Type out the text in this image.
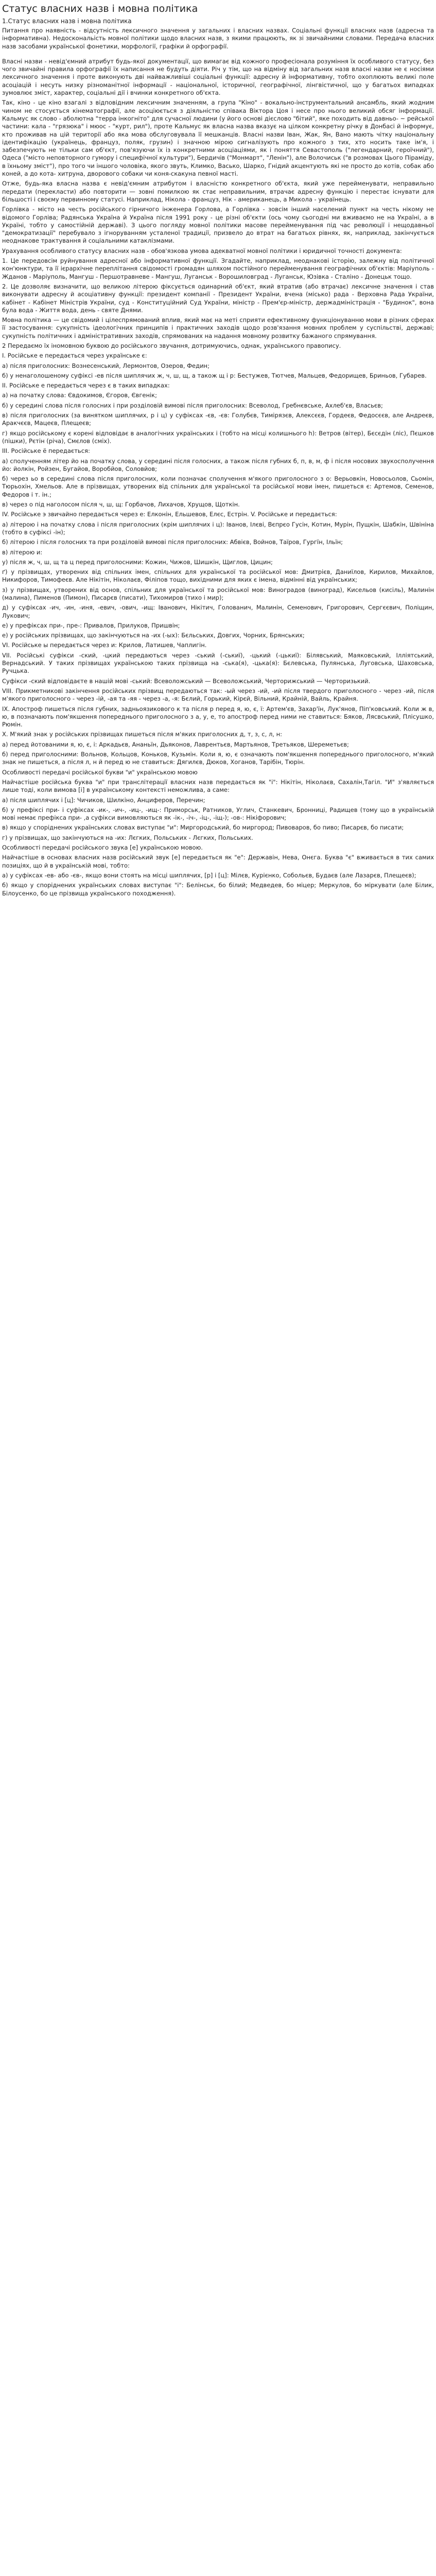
Статус власних назв і мовна політика
1.Статус власних назв і мовна політика

Питання про наявність - відсутність лексичного значення у загальних і власних назвах. Соціальні функції власних назв (адресна та інформативна). Недоскональість мовної політики щодо власних назв, з якими працюють, як зі звичайними словами. Передача власних назв засобами української фонетики, морфології, графіки й орфографії.

Власні назви - невід'ємний атрибут будь-якої документації, що вимагає від кожного професіонала розуміння їх особливого статусу, без чого звичайні правила орфографії їх написання не будуть діяти. Річ у тім, що на відміну від загальних назв власні назви не є носіями лексичного значення і проте виконують дві найважливіші соціальні функції: адресну й інформативну, тобто охоплюють великі поле асоціацій і несуть низку різноманітної інформації - національної, історичної, географічної, лінгвістичної, що у багатьох випадках зумовлює зміст, характер, соціальні дії і вчинки конкретного об'єкта.

Так, кіно - це кіно взагалі з відповідним лексичним значенням, а група "Кіно" - вокально-інструментальний ансамбль, який жодним чином не стосується кінематографії, але асоціюється з діяльністю співака Віктора Цоя і несе про нього великий обсяг інформації. Кальмус як слово - аболютна "терра інкогніто" для сучасної людини (у його основі дієслово "бітий", яке походить від давньо- ~ рейської частини: кала - "грязюка" і мюос - "курт, рил"), проте Кальмус як власна назва вказує на цілком конкретну річку в Донбасі й інформує, кто проживав на цій території або яка мова обслуговувала її мешканців. Власні назви Іван, Жак, Ян, Вано мають чітку національну ідентифікацію (українець, француз, поляк, грузин) і значною мірою сигналізують про кожного з тих, хто носить таке ім'я, і забезпечують не тільки сам об'єкт, пов'язуючи їх із конкретними асоціаціями, як і поняття Севастополь ("легендарний, героїчний"), Одеса ("місто неповторного гумору і специфічної культури"), Бердичів ("Монмарт", "Ленін"), але Волочиськ ("в розмовах Цього Піраміду, в їхньому зміст"), про того чи іншого чоловіка, якого звуть, Климко, Васько, Шарко, Гнідий акцентують які не просто до котів, собак або коней, а до кота- хитруна, дворового собаки чи коня-скакуна певної масті.

Отже, будь-яка власна назва є невід'ємним атрибутом і власністю конкретного об'єкта, який уже перейменувати, неправильно передати (перекласти) або повторити — зовні помилкою як стає неправильним, втрачає адресну функцію і перестає існувати для більшості і своєму первинному статусі. Наприклад, Нікола - француз, Нік - американець, а Микола - українець.

Горлівка - місто на честь російського гірничого інженера Горлова, а Горлівка - зовсім інший населений пункт на честь нікому не відомого Горліва; Радянська Україна й Україна після 1991 року - це різні об'єкти (ось чому сьогодні ми вживаємо не на Україні, а в Україні, тобто у самостійній державі). З цього погляду мовної політики масове перейменування під час революції і нещодавньої "демократизації" перебувало з ігноруванням усталеної традиції, призвело до втрат на багатьох рівнях, як, наприклад, закінчується неоднакове трактування й соціальними катаклізмами.

Урахування особливого статусу власних назв - обов'язкова умова адекватної мовної політики і юридичної точності документа:

1. Це передовсім руйнування адресної або інформативної функції. Згадайте, наприклад, неоднакові історію, залежну від політичної кон'юнктури, та її ієрархічне переплітання свідомості громадян шляхом постійного перейменування географічних об'єктів: Маріуполь - Жданов - Маріуполь, Мангуш - Першотравневе - Мангуш, Луганськ - Ворошиловград - Луганськ, Юзівка - Сталіно - Донецьк тощо.

2. Це дозволяє визначити, що великою літерою фіксується одинарний об'єкт, який втратив (або втрачає) лексичне значення і став виконувати адресну й асоціативну функції: президент компанії - Президент України, вчена (місько) рада - Верховна Рада України, кабінет - Кабінет Міністрів України, суд - Конституційний Суд України, міністр - Прем'єр-міністр, держадміністрація - "Будинок", вона була вода - Життя вода, день - святе Днями.

Мовна політика — це свідомий і цілеспрямований вплив, який має на меті сприяти ефективному функціонуванню мови в різних сферах її застосування: сукупність ідеологічних принципів і практичних заходів щодо розв'язання мовних проблем у суспільстві, державі; сукупність політичних і адміністративних заходів, спрямованих на надання мовному розвитку бажаного спрямування.

2 Передаємо їх іномовною буквою до російського звучання, дотримуючись, однак, українського правопису.

І. Російське е передається через українське є:

а) після приголосних: Вознесенський, Лермонтов, Озеров, Федин;

б) у ненаголошеному суфіксі -ев після шиплячих ж, ч, ш, щ, а також щ і р: Бестужев, Тютчев, Мальцев, Федорищев, Бриньов, Губарев.

ІІ. Російське е передається через є в таких випадках:

а) на початку слова: Євдокимов, Єгоров, Євгенік;

б) у середині слова після голосних і при розділовій вимові після приголосних: Всеволод, Гребнєвське, Ахлеб'єв, Власьєв;

в) після приголосних (за винятком шиплячих, р і ц) у суфіксах -єв, -єв: Голубєв, Тимірязєв, Алексєєв, Гордеєв, Федосєєв, але Андреєв, Аракчєєв, Мацеєв, Плещеєв;

г) якщо російському є корені відповідає в аналогічних українських і (тобто на місці колишнього h): Ветров (вітер), Бєсєдін (ліс), Пєшков (пішки), Рєтін (річа), Смєлов (сміх).

ІІІ. Російське ё передається:

а) сполученням літер йо на початку слова, у середині після голосних, а також після губних б, п, в, м, ф і після носових звукосполучення йо: йолкін, Ройзен, Бугайов, Воробйов, Соловйов;

б) через ьо в середині слова після приголосних, коли позначає сполучення м'якого приголосного з о: Верьовкін, Новосьолов, Сьомін, Тюрьохін, Хмельов. Але в прізвищах, утворених від спільних для української та російської мови імен, пишеться є: Артемов, Семенов, Федоров і т. ін.;

в) через о під наголосом після ч, ш, щ: Горбачов, Лихачов, Хрущов, Щоткін.

IV. Російське э звичайно передається через е: Елконін, Ельшевов, Елєс, Естрін. V. Російське и передається:

а) літерою і на початку слова і після приголосних (крім шиплячих і ц): Іванов, Ілєві, Вєпрєо Гусін, Котин, Мурін, Пущкін, Шабкін, Швініна (тобто в суфіксі -ін);

б) літерою і після голосних та при розділовій вимові після приголосних: Абвієв, Войнов, Таїров, Гургїн, Ільїн;

в) літерою и:

у) після ж, ч, ш, щ та ц перед приголосними: Кожин, Чижов, Шишкін, Щиглов, Цицин;

ґ) у прізвищах, утворених від спільних імен, спільних для української та російської мов: Дмитрієв, Даниїлов, Кирилов, Михайлов, Никифоров, Тимофеєв. Але Нікітін, Ніколаєв, Філіпов тощо, вихідними для яких є імена, відмінні від українських;

з) у прізвищах, утворених від основ, спільних для української та російської мов: Виноградов (виноград), Кисельов (кисіль), Малинін (малина), Пименов (Пимон), Писарєв (писати), Тихомиров (тихо і мир);

д) у суфіксах -ич, -ин, -иня, -евич, -ович, -ищ: Іванович, Нікітич, Голованич, Малинін, Семенович, Григорович, Сергєєвич, Поліщин, Лукович;

е) у префіксах при-, пре-: Привалов, Прилуков, Пришвін;

е) у російських прізвищах, що закінчуються на -их (-ых): Бєльських, Довгих, Чорних, Брянських;

VI. Російське ы передається через и: Крилов, Латишев, Чаплигін.

VII. Російські суфікси -ский, -цкий передаються через -ський (-ськиї), -цький (-цькиї): Білявський, Маяковський, Ілліятський, Вернадський. У таких прізвищах українською таких прізвища на -ська(я), -цька(я): Бєлевська, Пулянська, Луговська, Шаховська, Ручцька.

Суфікси -ский відповідаєте в нашій мові -ський: Всеволожський — Всеволожський, Черторижський — Черторизький.

VIII. Прикметникові закінчення російських прізвищ передаються так: -ый через -ий, -ий після твердого приголосного - через -ий, після м'якого приголосного - через -ій, -ая та -яя - через -а, -я: Бєлий, Горький, Кірєй, Вільний, Крайній, Вайль, Крайня.

ІХ. Апостроф пишеться після губних, задньоязикового к та після р перед я, ю, є, ї: Артем'єв, Захар'їн, Лук'янов, Піп'ковський. Коли ж в, ю, в позначають пом'якшення попереднього приголосного з а, у, е, то апостроф перед ними не ставиться: Бяков, Лясвський, Плісушко, Рюмін.

Х. М'який знак у російських прізвищах пишеться після м'яких приголосних д, т, з, с, л, н:

а) перед йотованими я, ю, є, і: Аркадьєв, Ананьїн, Дьяконов, Лаврентьєв, Мартьянов, Третьяков, Шереметьєв;

б) перед приголосними: Вольнов, Кольцов, Коньков, Кузьмін. Коли я, ю, є означають пом'якшення попереднього приголосного, м'який знак не пишеться, а після л, н й перед ю не ставиться: Дягилєв, Дюков, Хоганов, Тарібін, Тюрін.

Особливості передачі російської букви "и" українською мовою

Найчастіше російська буква "и" при транслітерації власних назв передається як "і": Нікітін, Ніколаєв, Сахалін,Тагіл. "И" з'являється лише тоді, коли вимова [і] в українському контексті неможлива, а саме:

а) після шиплячих і [ц]: Чичиков, Шилкіно, Анциферов, Перечин;

б) у префіксі при- і суфіксах -ик-, -ич-, -иц-, -ищ-: Приморськ, Ратников, Углич, Станкевич, Бронниці, Радищев (тому що в українській мові немає префікса при- ,а суфікси вимовляються як -ік-, -іч-, -іц-, -іщ-); -ов-: Нікіфорович;

в) якщо у споріднених українських словах виступає "и": Миргородський, бо миргород; Пивоваров, бо пиво; Писарєв, бо писати;

г) у прізвищах, що закінчуються на -их: Лєгких, Польських - Лєгких, Польських.

Особливості передачі російського звука [e] українською мовою.

Найчастіше в основах власних назв російський звук [е] передається як "е": Державін, Нева, Онєга. Буква "є" вживається в тих самих позиціях, що й в українській мові, тобто:

а) у суфіксах -ев- або -єв-, якщо вони стоять на місці шиплячих, [р] і [ц]: Мілєв, Курієнко, Собольєв, Будаєв (але Лазарєв, Плещеєв);

б) якщо у споріднених українських словах виступає "і": Белінськ, бо білий; Медведев, бо міцер; Меркулов, бо міркувати (але Білик, Білоусенко, бо це прізвища українського походження).
